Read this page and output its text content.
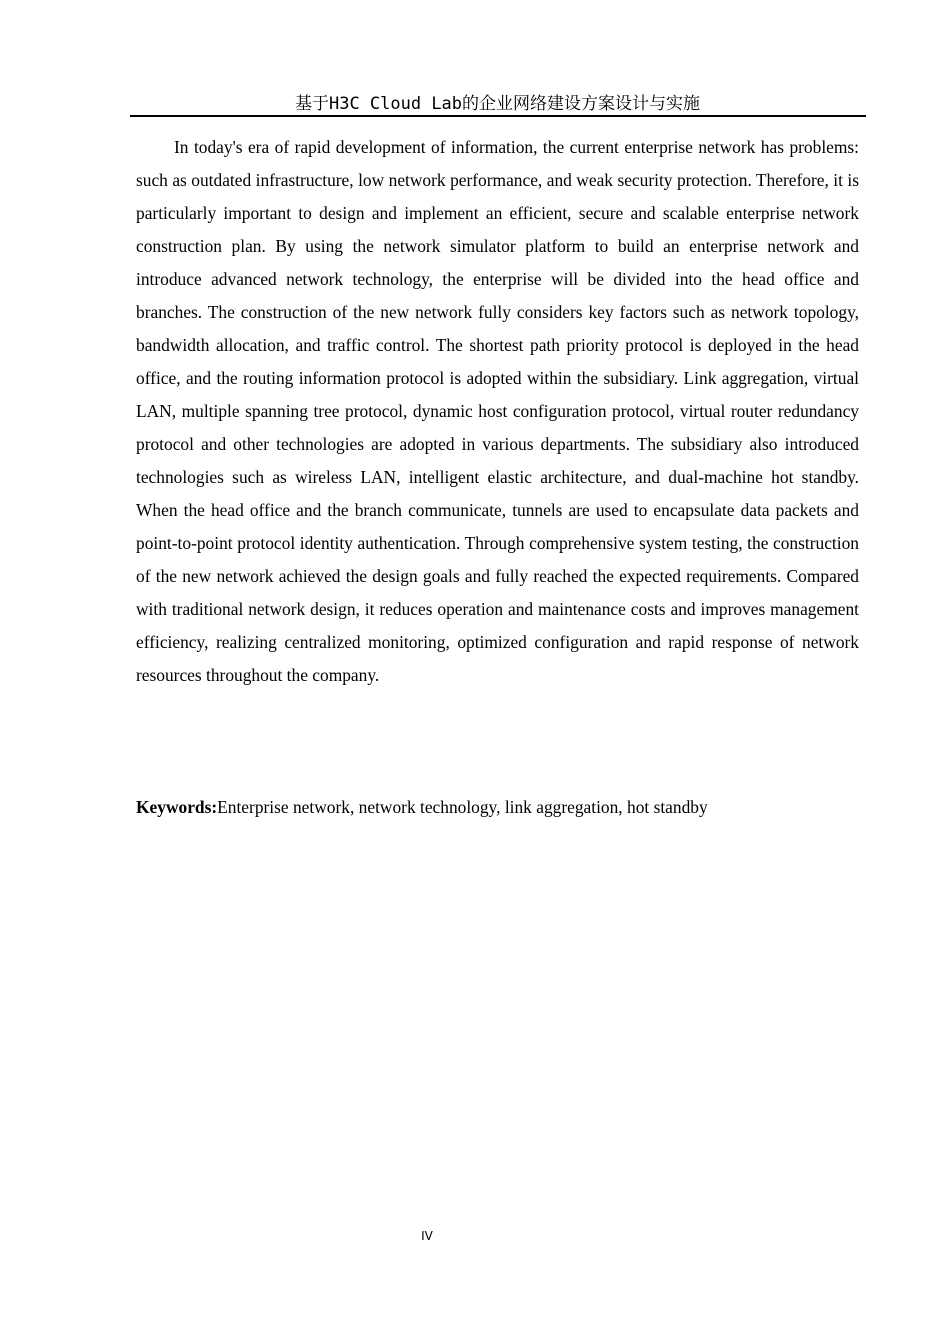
基于H3C Cloud Lab的企业网络建设方案设计与实施

In today's era of rapid development of information, the current enterprise network has problems: such as outdated infrastructure, low network performance, and weak security protection. Therefore, it is particularly important to design and implement an efficient, secure and scalable enterprise network construction plan. By using the network simulator platform to build an enterprise network and introduce advanced network technology, the enterprise will be divided into the head office and branches. The construction of the new network fully considers key factors such as network topology, bandwidth allocation, and traffic control. The shortest path priority protocol is deployed in the head office, and the routing information protocol is adopted within the subsidiary. Link aggregation, virtual LAN, multiple spanning tree protocol, dynamic host configuration protocol, virtual router redundancy protocol and other technologies are adopted in various departments. The subsidiary also introduced technologies such as wireless LAN, intelligent elastic architecture, and dual-machine hot standby. When the head office and the branch communicate, tunnels are used to encapsulate data packets and point-to-point protocol identity authentication. Through comprehensive system testing, the construction of the new network achieved the design goals and fully reached the expected requirements. Compared with traditional network design, it reduces operation and maintenance costs and improves management efficiency, realizing centralized monitoring, optimized configuration and rapid response of network resources throughout the company.

Keywords:Enterprise network, network technology, link aggregation, hot standby

IV
